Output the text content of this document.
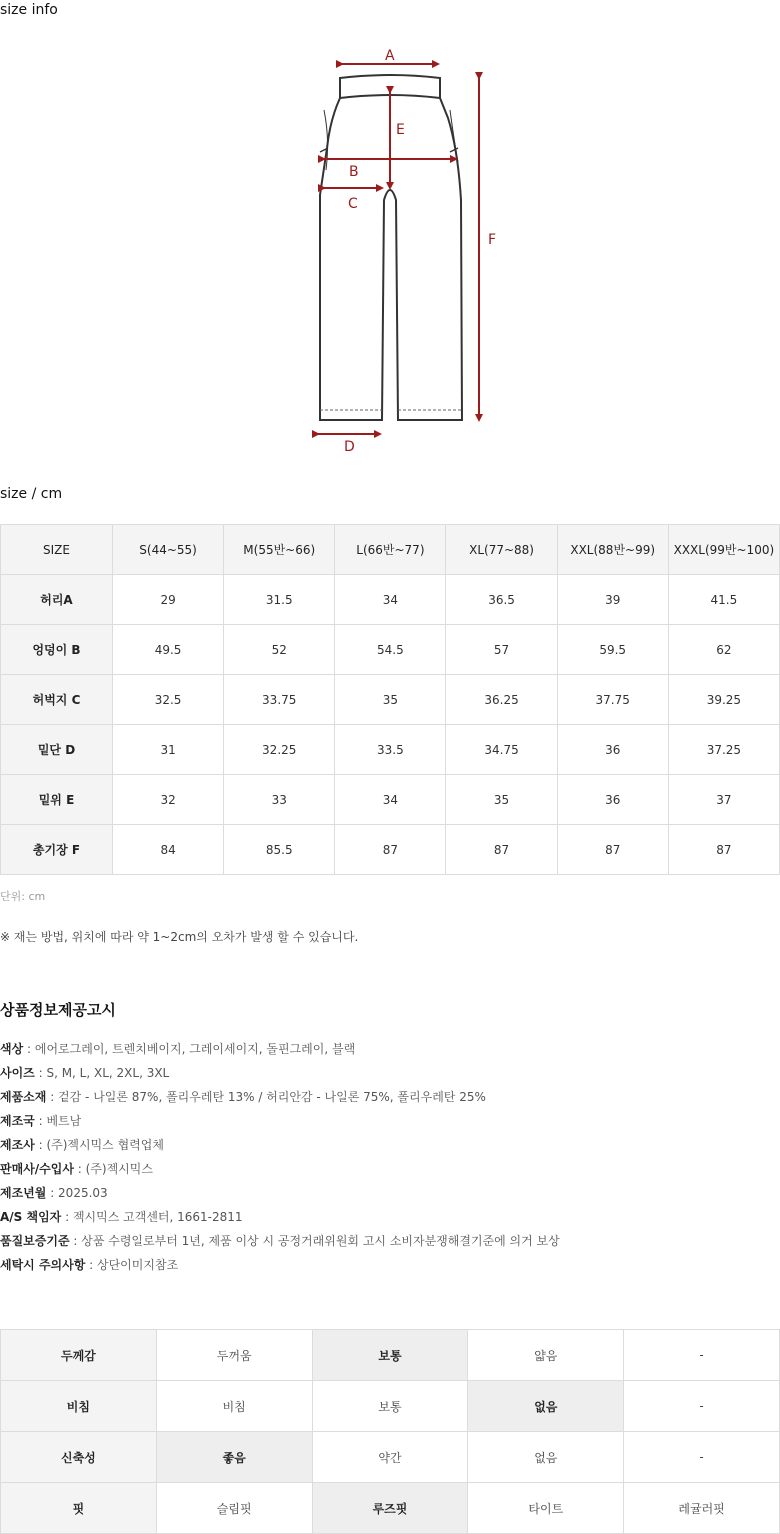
size info
A
B
C
D
E
F
size / cm
SIZE	S(44~55)	M(55반~66)	L(66반~77)	XL(77~88)	XXL(88반~99)	XXXL(99반~100)
허리A	29	31.5	34	36.5	39	41.5
엉덩이 B	49.5	52	54.5	57	59.5	62
허벅지 C	32.5	33.75	35	36.25	37.75	39.25
밑단 D	31	32.25	33.5	34.75	36	37.25
밑위 E	32	33	34	35	36	37
총기장 F	84	85.5	87	87	87	87
단위: cm
※ 재는 방법, 위치에 따라 약 1~2cm의 오차가 발생 할 수 있습니다.
상품정보제공고시
색상 : 에어로그레이, 트렌치베이지, 그레이세이지, 돌핀그레이, 블랙
사이즈 : S, M, L, XL, 2XL, 3XL
제품소재 : 겉감 - 나일론 87%, 폴리우레탄 13% / 허리안감 - 나일론 75%, 폴리우레탄 25%
제조국 : 베트남
제조사 : (주)젝시믹스 협력업체
판매사/수입사 : (주)젝시믹스
제조년월 : 2025.03
A/S 책임자 : 젝시믹스 고객센터, 1661-2811
품질보증기준 : 상품 수령일로부터 1년, 제품 이상 시 공정거래위원회 고시 소비자분쟁해결기준에 의거 보상
세탁시 주의사항 : 상단이미지참조
두께감	두꺼움	보통	얇음	-
비침	비침	보통	없음	-
신축성	좋음	약간	없음	-
핏	슬림핏	루즈핏	타이트	레귤러핏
